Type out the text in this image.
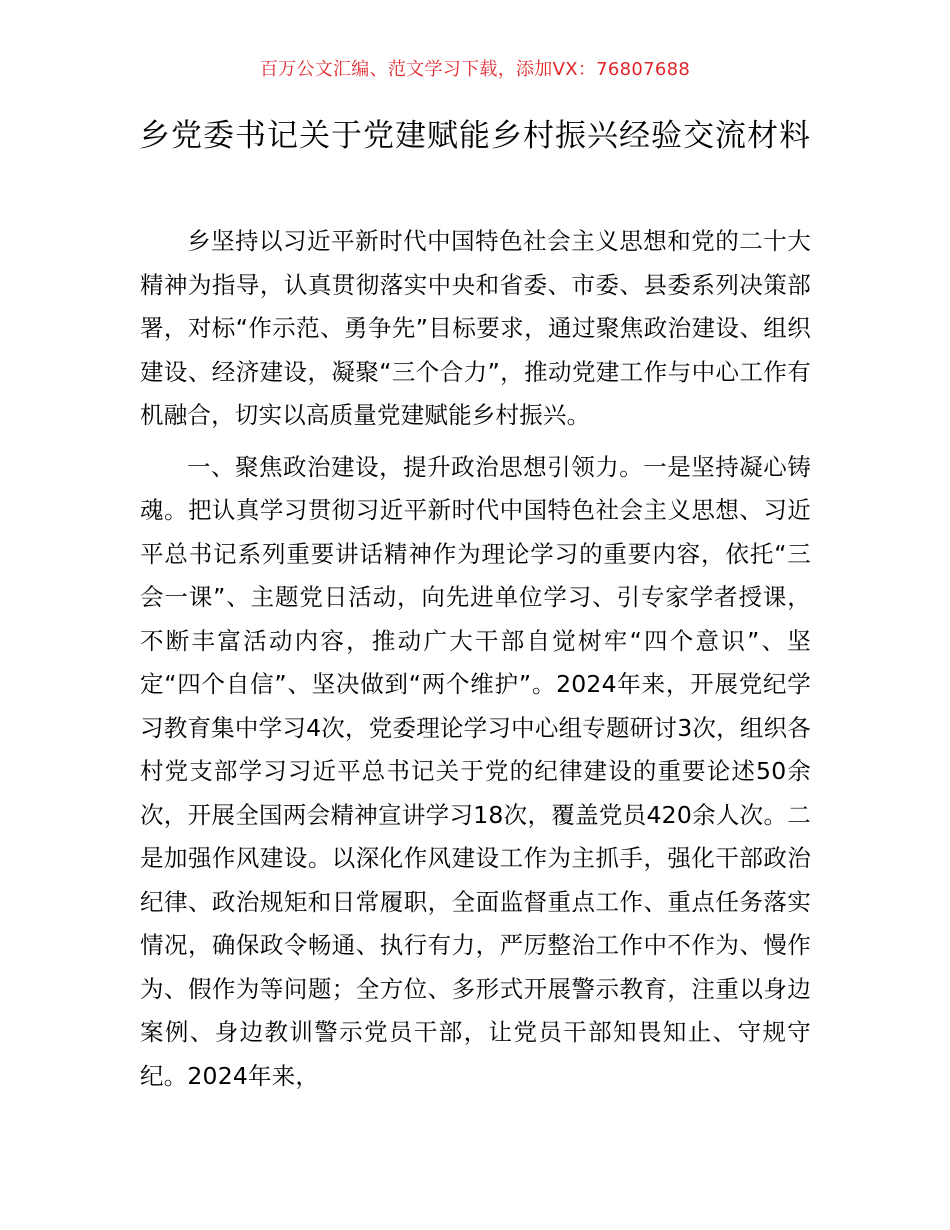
百万公文汇编、范文学习下载，添加VX：76807688
乡党委书记关于党建赋能乡村振兴经验交流材料

乡坚持以习近平新时代中国特色社会主义思想和党的二十大精神为指导，认真贯彻落实中央和省委、市委、县委系列决策部署，对标“作示范、勇争先”目标要求，通过聚焦政治建设、组织建设、经济建设，凝聚“三个合力”，推动党建工作与中心工作有机融合，切实以高质量党建赋能乡村振兴。

一、聚焦政治建设，提升政治思想引领力。一是坚持凝心铸魂。把认真学习贯彻习近平新时代中国特色社会主义思想、习近平总书记系列重要讲话精神作为理论学习的重要内容，依托“三会一课”、主题党日活动，向先进单位学习、引专家学者授课，不断丰富活动内容，推动广大干部自觉树牢“四个意识”、坚定“四个自信”、坚决做到“两个维护”。2024年来，开展党纪学习教育集中学习4次，党委理论学习中心组专题研讨3次，组织各村党支部学习习近平总书记关于党的纪律建设的重要论述50余次，开展全国两会精神宣讲学习18次，覆盖党员420余人次。二是加强作风建设。以深化作风建设工作为主抓手，强化干部政治纪律、政治规矩和日常履职，全面监督重点工作、重点任务落实情况，确保政令畅通、执行有力，严厉整治工作中不作为、慢作为、假作为等问题；全方位、多形式开展警示教育，注重以身边案例、身边教训警示党员干部，让党员干部知畏知止、守规守纪。2024年来，
